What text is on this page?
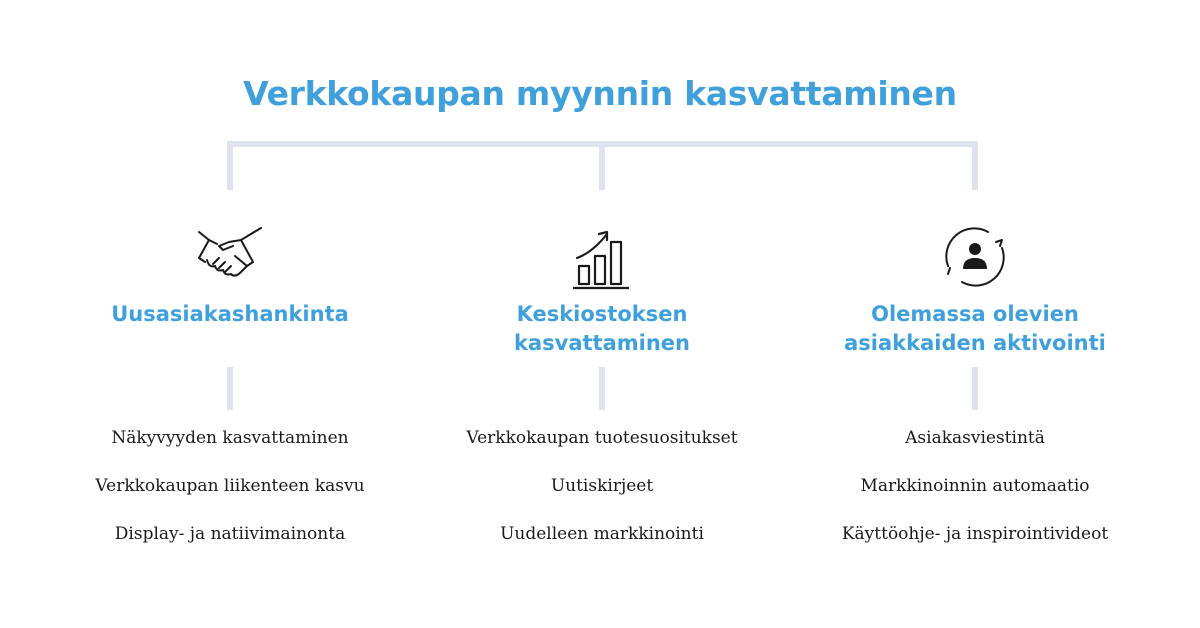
Verkkokaupan myynnin kasvattaminen
Uusasiakashankinta
Näkyvyyden kasvattaminen
Verkkokaupan liikenteen kasvu
Display- ja natiivimainonta
Keskiostoksen
kasvattaminen
Verkkokaupan tuotesuositukset
Uutiskirjeet
Uudelleen markkinointi
Olemassa olevien
asiakkaiden aktivointi
Asiakasviestintä
Markkinoinnin automaatio
Käyttöohje- ja inspirointivideot
